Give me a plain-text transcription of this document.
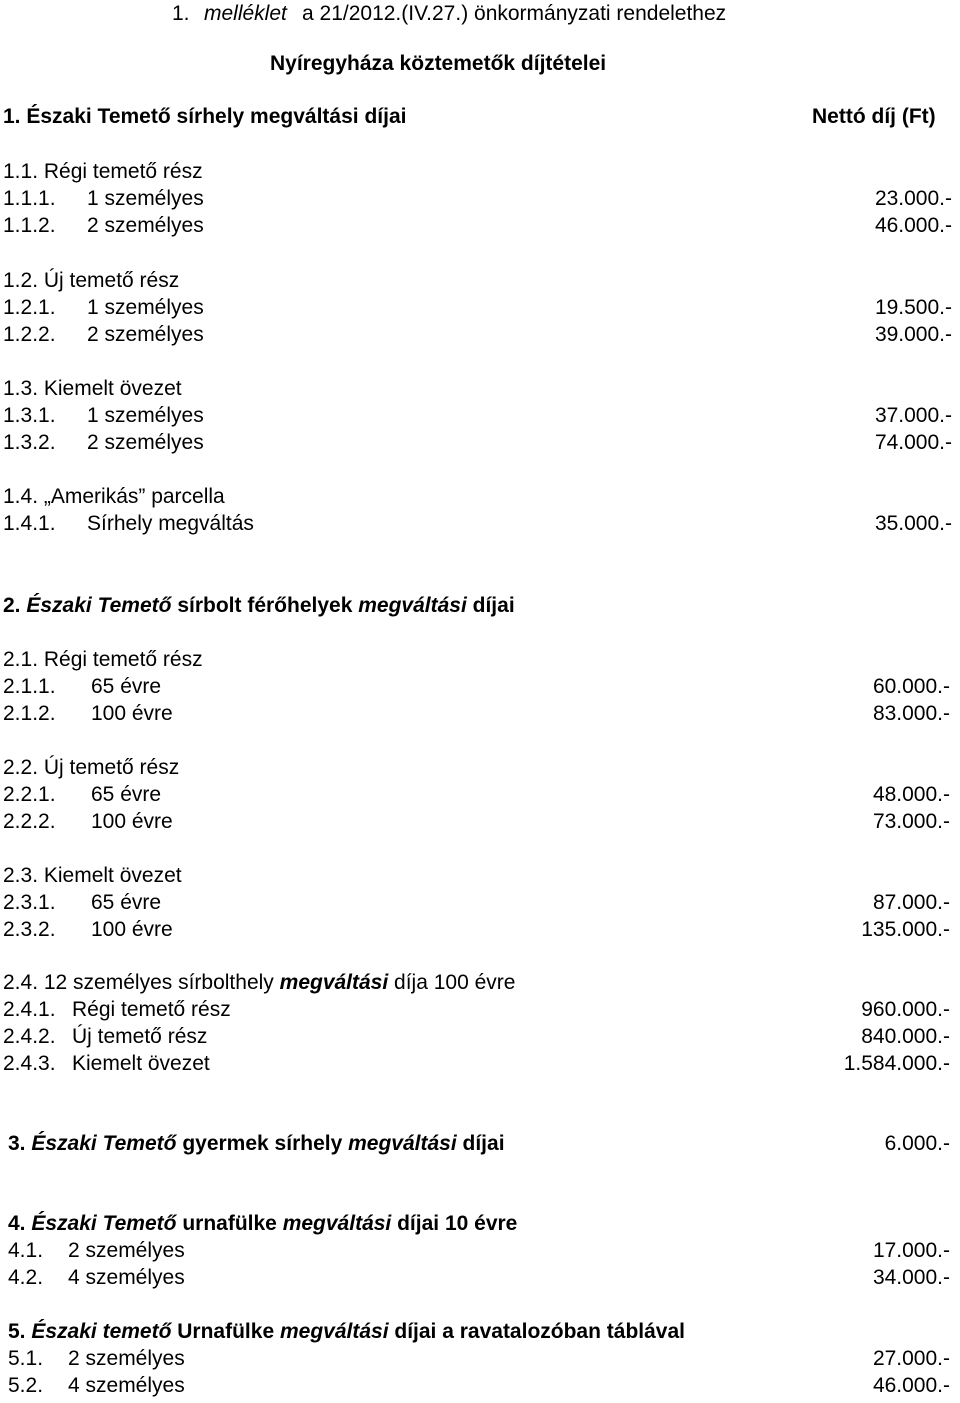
1. melléklet a 21/2012.(IV.27.) önkormányzati rendelethez
Nyíregyháza köztemetők díjtételei
1. Északi Temető sírhely megváltási díjai	Nettó díj (Ft)
1.1. Régi temető rész
1.1.1. 1 személyes	23.000.-
1.1.2. 2 személyes	46.000.-
1.2. Új temető rész
1.2.1. 1 személyes	19.500.-
1.2.2. 2 személyes	39.000.-
1.3. Kiemelt övezet
1.3.1. 1 személyes	37.000.-
1.3.2. 2 személyes	74.000.-
1.4. „Amerikás” parcella
1.4.1. Sírhely megváltás	35.000.-
2. Északi Temető sírbolt férőhelyek megváltási díjai
2.1. Régi temető rész
2.1.1. 65 évre	60.000.-
2.1.2. 100 évre	83.000.-
2.2. Új temető rész
2.2.1. 65 évre	48.000.-
2.2.2. 100 évre	73.000.-
2.3. Kiemelt övezet
2.3.1. 65 évre	87.000.-
2.3.2. 100 évre	135.000.-
2.4. 12 személyes sírbolthely megváltási díja 100 évre
2.4.1. Régi temető rész	960.000.-
2.4.2. Új temető rész	840.000.-
2.4.3. Kiemelt övezet	1.584.000.-
3. Északi Temető gyermek sírhely megváltási díjai	6.000.-
4. Északi Temető urnafülke megváltási díjai 10 évre
4.1. 2 személyes	17.000.-
4.2. 4 személyes	34.000.-
5. Északi temető Urnafülke megváltási díjai a ravatalozóban táblával
5.1. 2 személyes	27.000.-
5.2. 4 személyes	46.000.-
